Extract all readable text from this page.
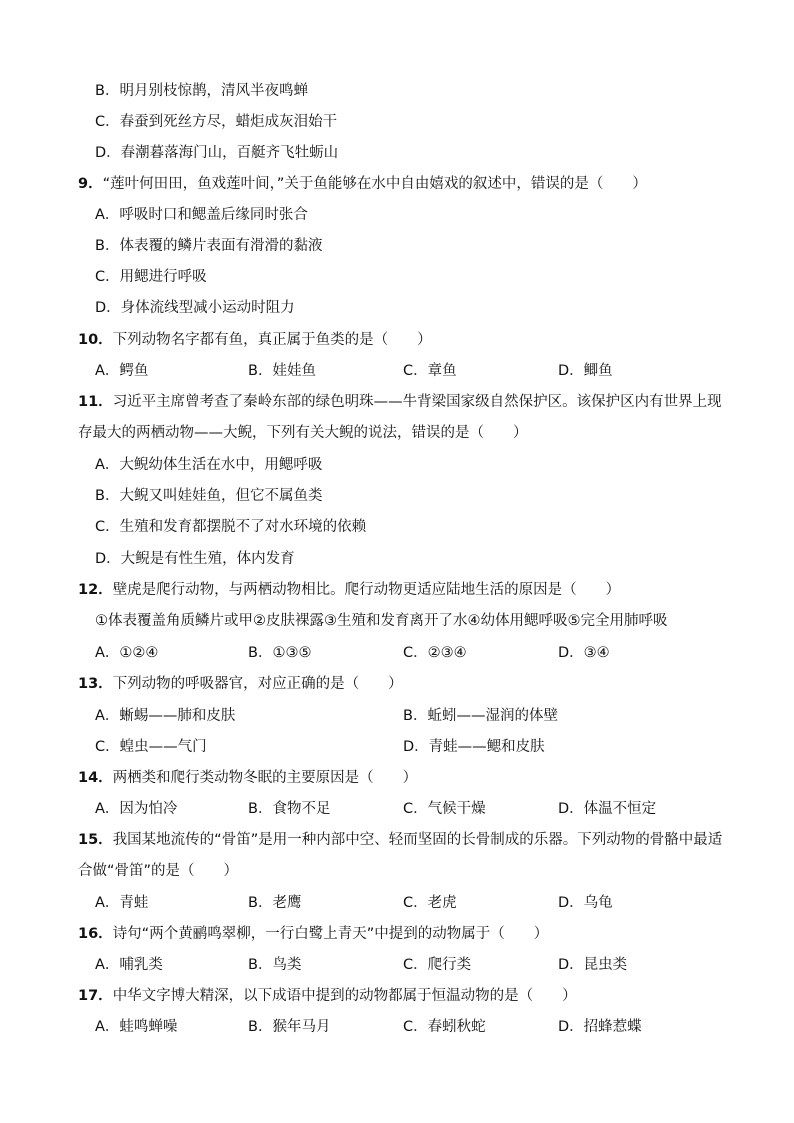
B．明月别枝惊鹊，清风半夜鸣蝉
C．春蚕到死丝方尽，蜡炬成灰泪始干
D．春潮暮落海门山，百艇齐飞牡蛎山
9．“莲叶何田田，鱼戏莲叶间，”关于鱼能够在水中自由嬉戏的叙述中，错误的是（　　）
A．呼吸时口和鳃盖后缘同时张合
B．体表覆的鳞片表面有滑滑的黏液
C．用鳃进行呼吸
D．身体流线型减小运动时阻力
10．下列动物名字都有鱼，真正属于鱼类的是（　　）
A．鳄鱼	B．娃娃鱼	C．章鱼	D．鲫鱼
11．习近平主席曾考查了秦岭东部的绿色明珠——牛背梁国家级自然保护区。该保护区内有世界上现
存最大的两栖动物——大鲵，下列有关大鲵的说法，错误的是（　　）
A．大鲵幼体生活在水中，用鳃呼吸
B．大鲵又叫娃娃鱼，但它不属鱼类
C．生殖和发育都摆脱不了对水环境的依赖
D．大鲵是有性生殖，体内发育
12．壁虎是爬行动物，与两栖动物相比。爬行动物更适应陆地生活的原因是（　　）
①体表覆盖角质鳞片或甲②皮肤裸露③生殖和发育离开了水④幼体用鳃呼吸⑤完全用肺呼吸
A．①②④	B．①③⑤	C．②③④	D．③④
13．下列动物的呼吸器官，对应正确的是（　　）
A．蜥蜴——肺和皮肤	B．蚯蚓——湿润的体壁
C．蝗虫——气门	D．青蛙——鳃和皮肤
14．两栖类和爬行类动物冬眠的主要原因是（　　）
A．因为怕冷	B．食物不足	C．气候干燥	D．体温不恒定
15．我国某地流传的“骨笛”是用一种内部中空、轻而坚固的长骨制成的乐器。下列动物的骨骼中最适
合做“骨笛”的是（　　）
A．青蛙	B．老鹰	C．老虎	D．乌龟
16．诗句“两个黄鹂鸣翠柳，一行白鹭上青天”中提到的动物属于（　　）
A．哺乳类	B．鸟类	C．爬行类	D．昆虫类
17．中华文字博大精深，以下成语中提到的动物都属于恒温动物的是（　　）
A．蛙鸣蝉噪	B．猴年马月	C．春蚓秋蛇	D．招蜂惹蝶
